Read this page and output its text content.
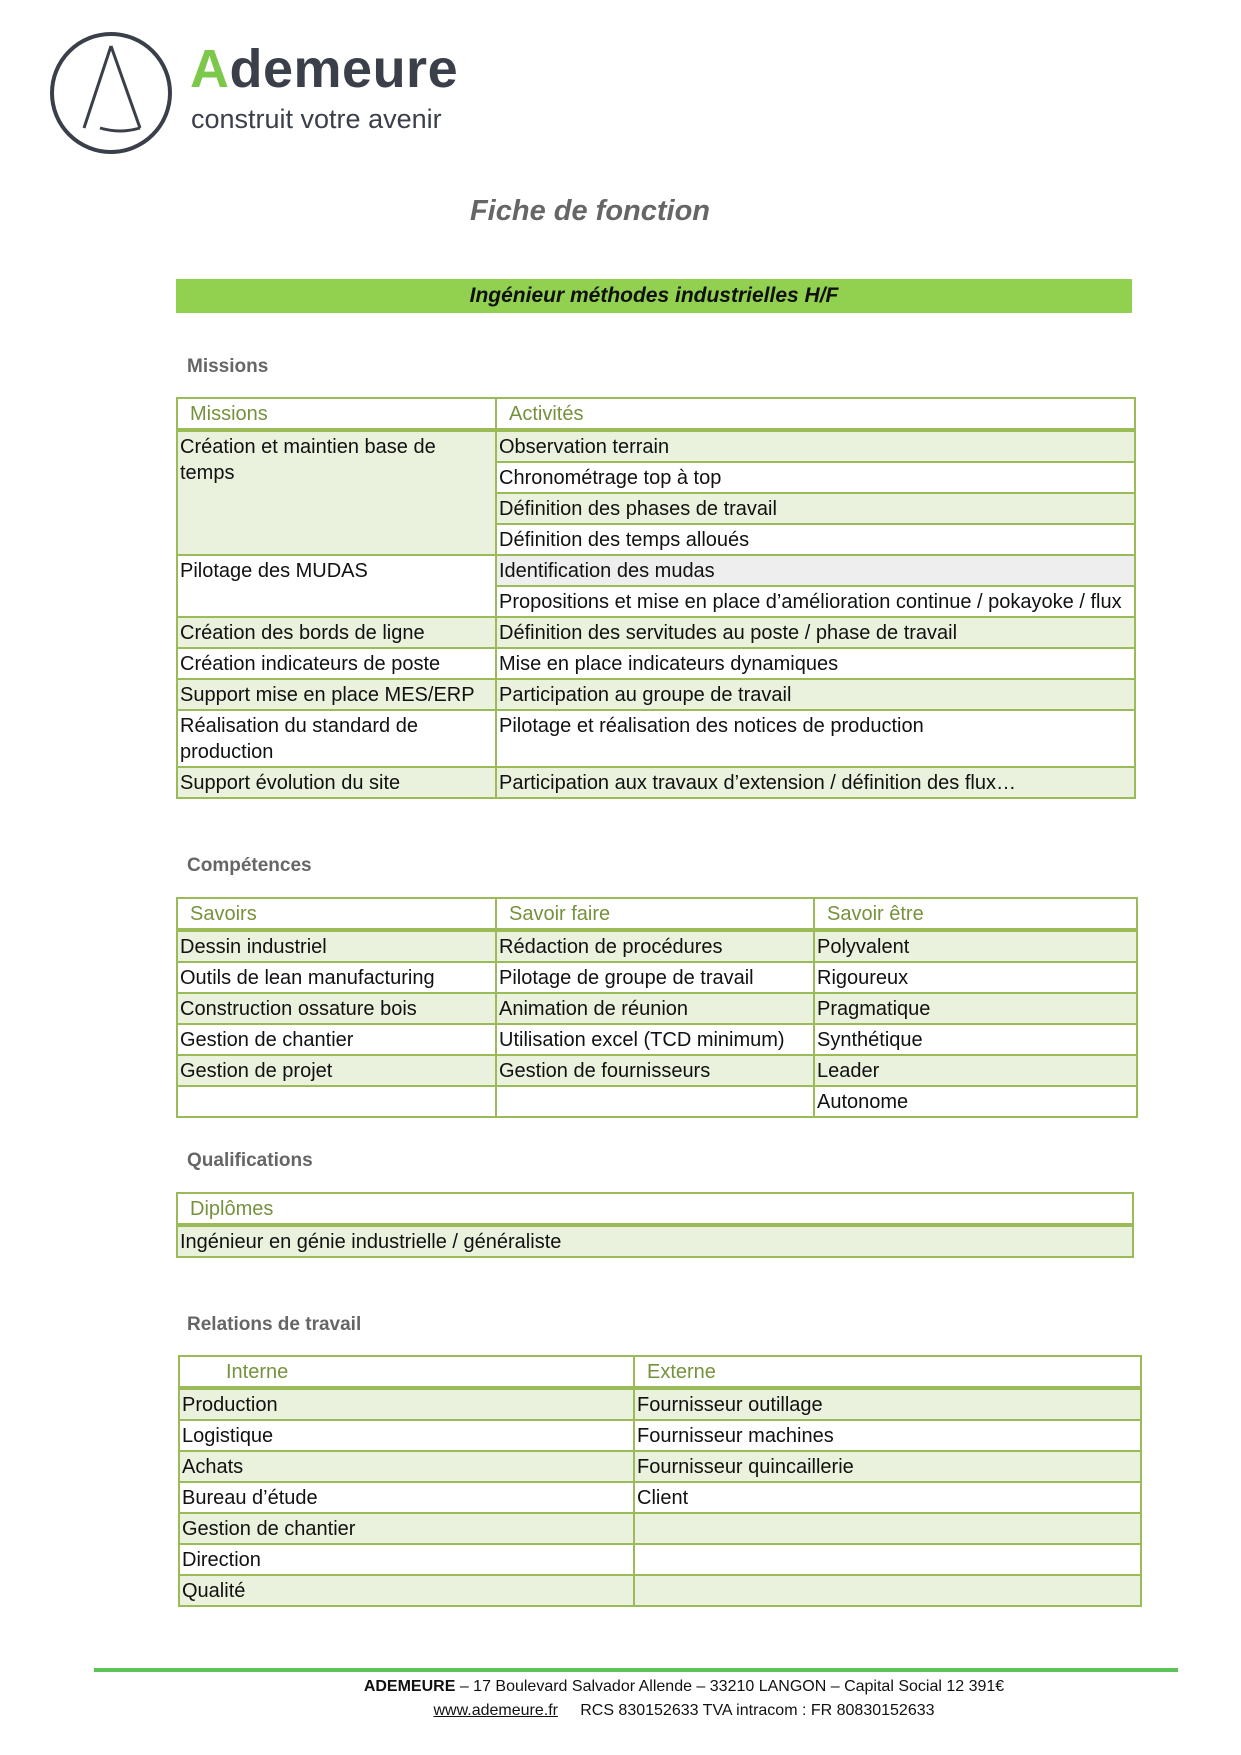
Ademeure
construit votre avenir
Fiche de fonction
Ingénieur méthodes industrielles H/F
Missions
Missions	Activités
Création et maintien base de temps	Observation terrain
	Chronométrage top à top
	Définition des phases de travail
	Définition des temps alloués
Pilotage des MUDAS	Identification des mudas
	Propositions et mise en place d’amélioration continue / pokayoke / flux
Création des bords de ligne	Définition des servitudes au poste / phase de travail
Création indicateurs de poste	Mise en place indicateurs dynamiques
Support mise en place MES/ERP	Participation au groupe de travail
Réalisation du standard de production	Pilotage et réalisation des notices de production
Support évolution du site	Participation aux travaux d’extension / définition des flux…
Compétences
Savoirs	Savoir faire	Savoir être
Dessin industriel	Rédaction de procédures	Polyvalent
Outils de lean manufacturing	Pilotage de groupe de travail	Rigoureux
Construction ossature bois	Animation de réunion	Pragmatique
Gestion de chantier	Utilisation excel (TCD minimum)	Synthétique
Gestion de projet	Gestion de fournisseurs	Leader
		Autonome
Qualifications
Diplômes
Ingénieur en génie industrielle / généraliste
Relations de travail
Interne	Externe
Production	Fournisseur outillage
Logistique	Fournisseur machines
Achats	Fournisseur quincaillerie
Bureau d’étude	Client
Gestion de chantier	
Direction	
Qualité	
ADEMEURE – 17 Boulevard Salvador Allende – 33210 LANGON – Capital Social 12 391€
www.ademeure.fr RCS 830152633 TVA intracom : FR 80830152633
